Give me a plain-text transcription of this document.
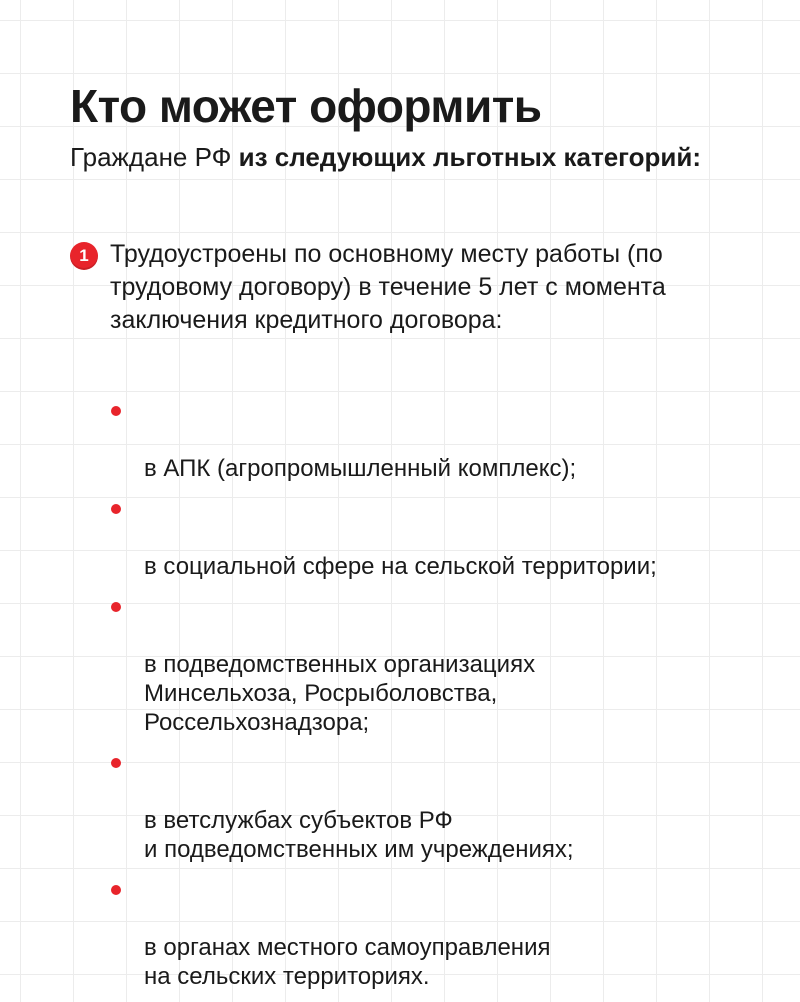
Кто может оформить
Граждане РФ из следующих льготных категорий:
1 Трудоустроены по основному месту работы (по трудовому договору) в течение 5 лет с момента заключения кредитного договора:

в АПК (агропромышленный комплекс);

в социальной сфере на сельской территории;

в подведомственных организациях
Минсельхоза, Росрыболовства,
Россельхознадзора;

в ветслужбах субъектов РФ
и подведомственных им учреждениях;

в органах местного самоуправления
на сельских территориях.
